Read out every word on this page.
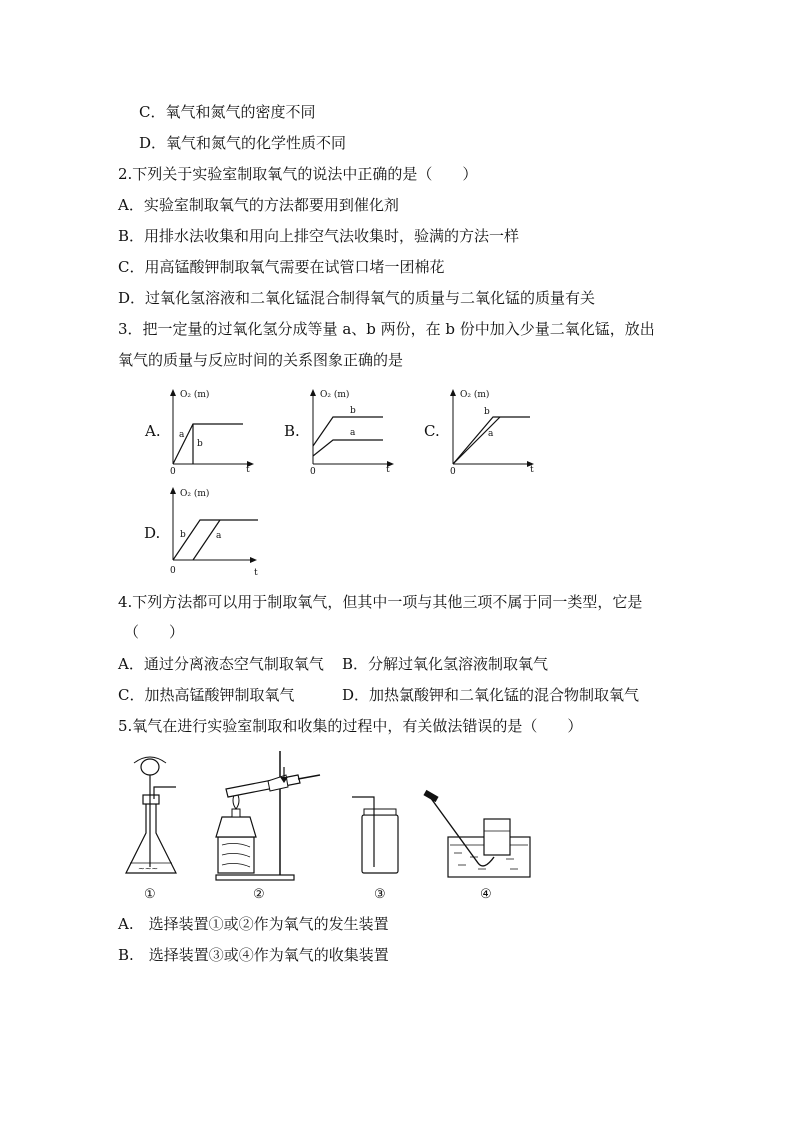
C．氧气和氮气的密度不同
D．氧气和氮气的化学性质不同
2.下列关于实验室制取氧气的说法中正确的是（　　）
A．实验室制取氧气的方法都要用到催化剂
B．用排水法收集和用向上排空气法收集时，验满的方法一样
C．用高锰酸钾制取氧气需要在试管口堵一团棉花
D．过氧化氢溶液和二氧化锰混合制得氧气的质量与二氧化锰的质量有关
3．把一定量的过氧化氢分成等量 a、b 两份，在 b 份中加入少量二氧化锰，放出
氧气的质量与反应时间的关系图象正确的是
A.
O₂ (m)
0	t
a
b
B.
O₂ (m)
0	t
b
a	C.
O₂ (m)
0	t
b
a
D.
O₂ (m)
0	t
b	a
4.下列方法都可以用于制取氧气，但其中一项与其他三项不属于同一类型，它是
（　　）
A．通过分离液态空气制取氧气 B．分解过氧化氢溶液制取氧气
C．加热高锰酸钾制取氧气	D．加热氯酸钾和二氧化锰的混合物制取氧气
5.氧气在进行实验室制取和收集的过程中，有关做法错误的是（　　）
~~~
①	②	③	④
A.　选择装置①或②作为氧气的发生装置
B.　选择装置③或④作为氧气的收集装置
